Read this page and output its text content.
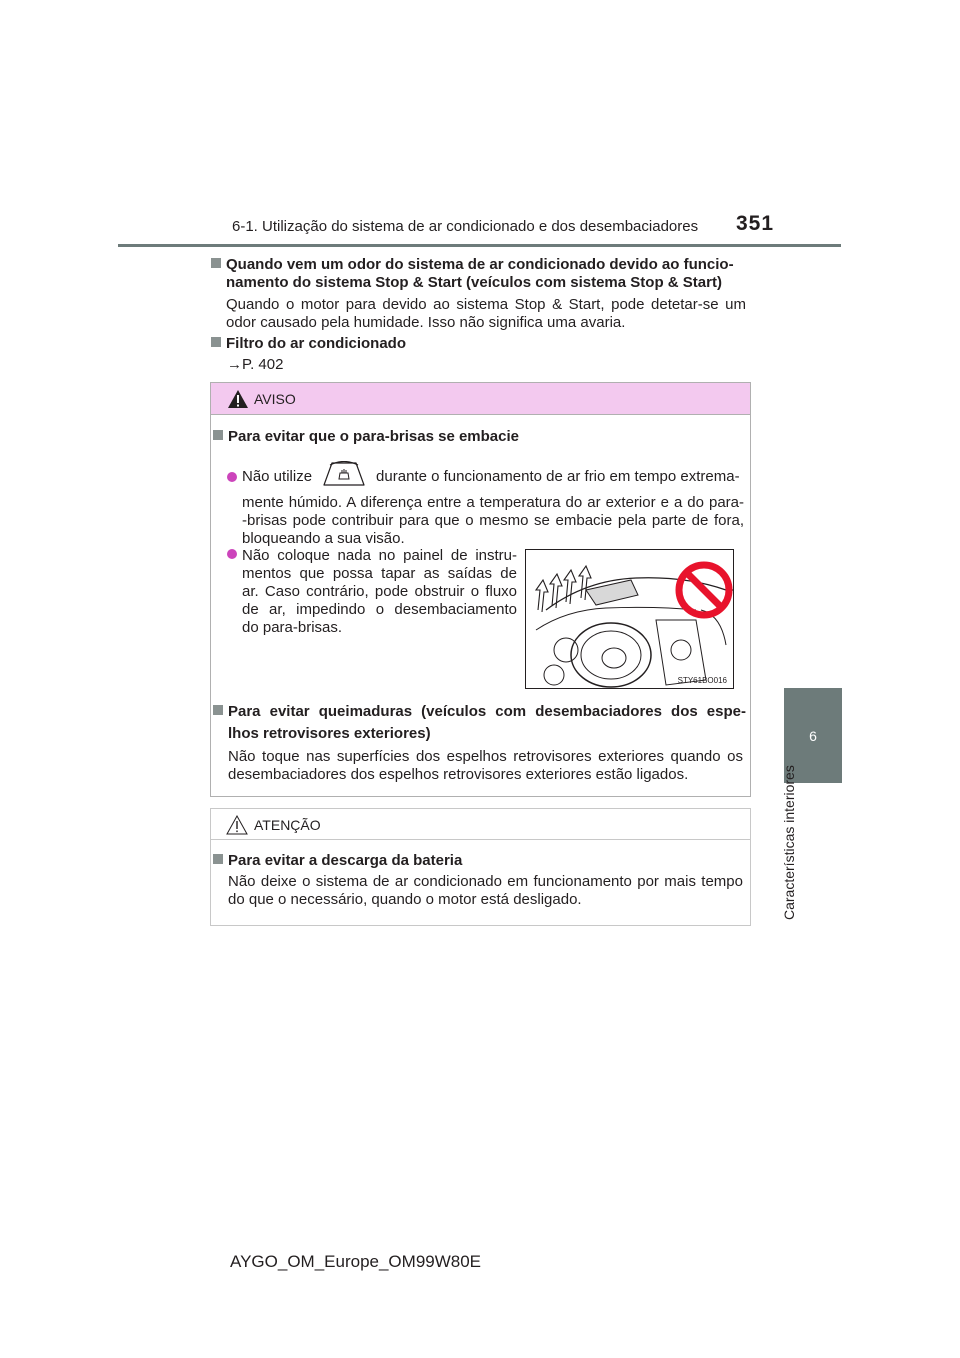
6-1. Utilização do sistema de ar condicionado e dos desembaciadores 351
6
Características interiores
Quando vem um odor do sistema de ar condicionado devido ao funcio-
namento do sistema Stop & Start (veículos com sistema Stop & Start)
Quando o motor para devido ao sistema Stop & Start, pode detetar-se um
odor causado pela humidade. Isso não significa uma avaria.
Filtro do ar condicionado
→P. 402
AVISO
Para evitar que o para-brisas se embacie
Não utilize	durante o funcionamento de ar frio em tempo extrema-
mente húmido. A diferença entre a temperatura do ar exterior e a do para-
-brisas pode contribuir para que o mesmo se embacie pela parte de fora,
bloqueando a sua visão.
Não coloque nada no painel de instru-
mentos que possa tapar as saídas de
ar. Caso contrário, pode obstruir o fluxo
de ar, impedindo o desembaciamento
do para-brisas.
STY61BO016
Para evitar queimaduras (veículos com desembaciadores dos espe-
lhos retrovisores exteriores)
Não toque nas superfícies dos espelhos retrovisores exteriores quando os
desembaciadores dos espelhos retrovisores exteriores estão ligados.
ATENÇÃO
Para evitar a descarga da bateria
Não deixe o sistema de ar condicionado em funcionamento por mais tempo
do que o necessário, quando o motor está desligado.
AYGO_OM_Europe_OM99W80E
